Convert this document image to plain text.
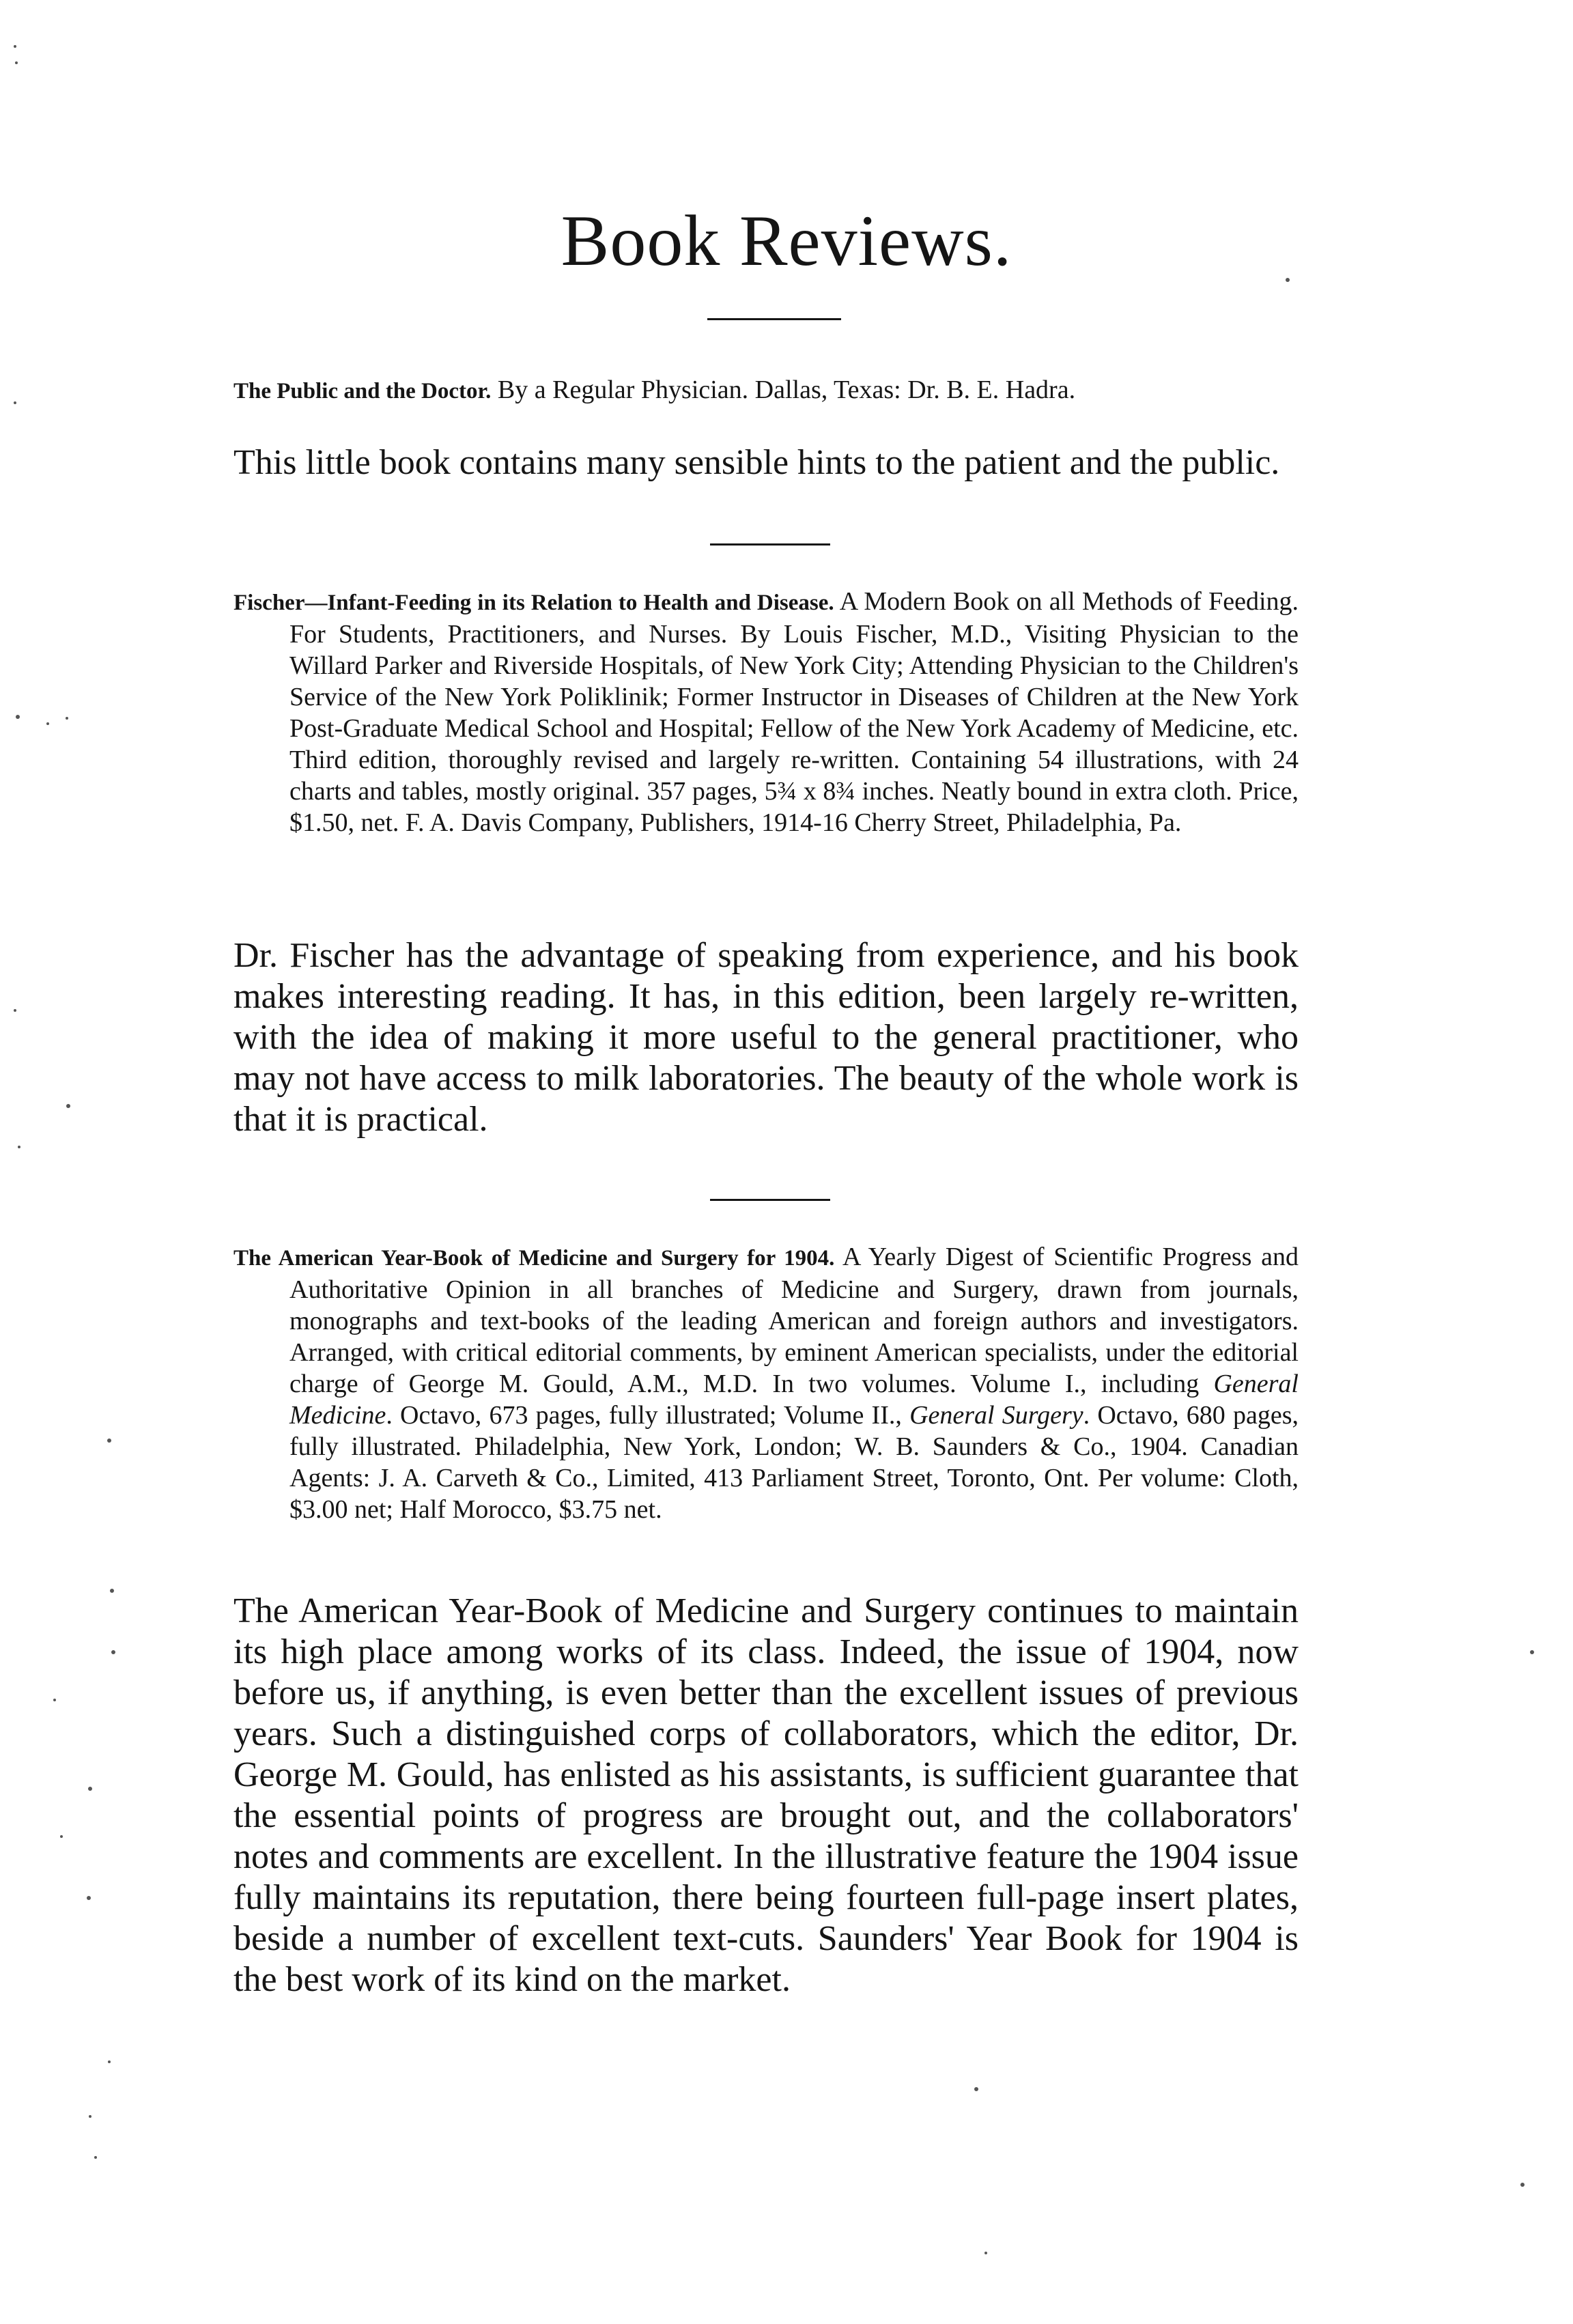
Book Reviews.

The Public and the Doctor. By a Regular Physician. Dallas, Texas: Dr. B. E. Hadra.

This little book contains many sensible hints to the patient and the public.

Fischer—Infant-Feeding in its Relation to Health and Disease. A Modern Book on all Methods of Feeding. For Students, Practitioners, and Nurses. By Louis Fischer, M.D., Visiting Physician to the Willard Parker and Riverside Hospitals, of New York City; Attending Physician to the Children's Service of the New York Poliklinik; Former Instructor in Diseases of Children at the New York Post-Graduate Medical School and Hospital; Fellow of the New York Academy of Medicine, etc. Third edition, thoroughly revised and largely re-written. Containing 54 illustrations, with 24 charts and tables, mostly original. 357 pages, 5¾ x 8¾ inches. Neatly bound in extra cloth. Price, $1.50, net. F. A. Davis Company, Publishers, 1914-16 Cherry Street, Philadelphia, Pa.

Dr. Fischer has the advantage of speaking from experience, and his book makes interesting reading. It has, in this edition, been largely re-written, with the idea of making it more useful to the general practitioner, who may not have access to milk laboratories. The beauty of the whole work is that it is practical.

The American Year-Book of Medicine and Surgery for 1904. A Yearly Digest of Scientific Progress and Authoritative Opinion in all branches of Medicine and Surgery, drawn from journals, monographs and text-books of the leading American and foreign authors and investigators. Arranged, with critical editorial comments, by eminent American specialists, under the editorial charge of George M. Gould, A.M., M.D. In two volumes. Volume I., including General Medicine. Octavo, 673 pages, fully illustrated; Volume II., General Surgery. Octavo, 680 pages, fully illustrated. Philadelphia, New York, London; W. B. Saunders & Co., 1904. Canadian Agents: J. A. Carveth & Co., Limited, 413 Parliament Street, Toronto, Ont. Per volume: Cloth, $3.00 net; Half Morocco, $3.75 net.

The American Year-Book of Medicine and Surgery continues to maintain its high place among works of its class. Indeed, the issue of 1904, now before us, if anything, is even better than the excellent issues of previous years. Such a distinguished corps of collaborators, which the editor, Dr. George M. Gould, has enlisted as his assistants, is sufficient guarantee that the essential points of progress are brought out, and the collaborators' notes and comments are excellent. In the illustrative feature the 1904 issue fully maintains its reputation, there being fourteen full-page insert plates, beside a number of excellent text-cuts. Saunders' Year Book for 1904 is the best work of its kind on the market.
